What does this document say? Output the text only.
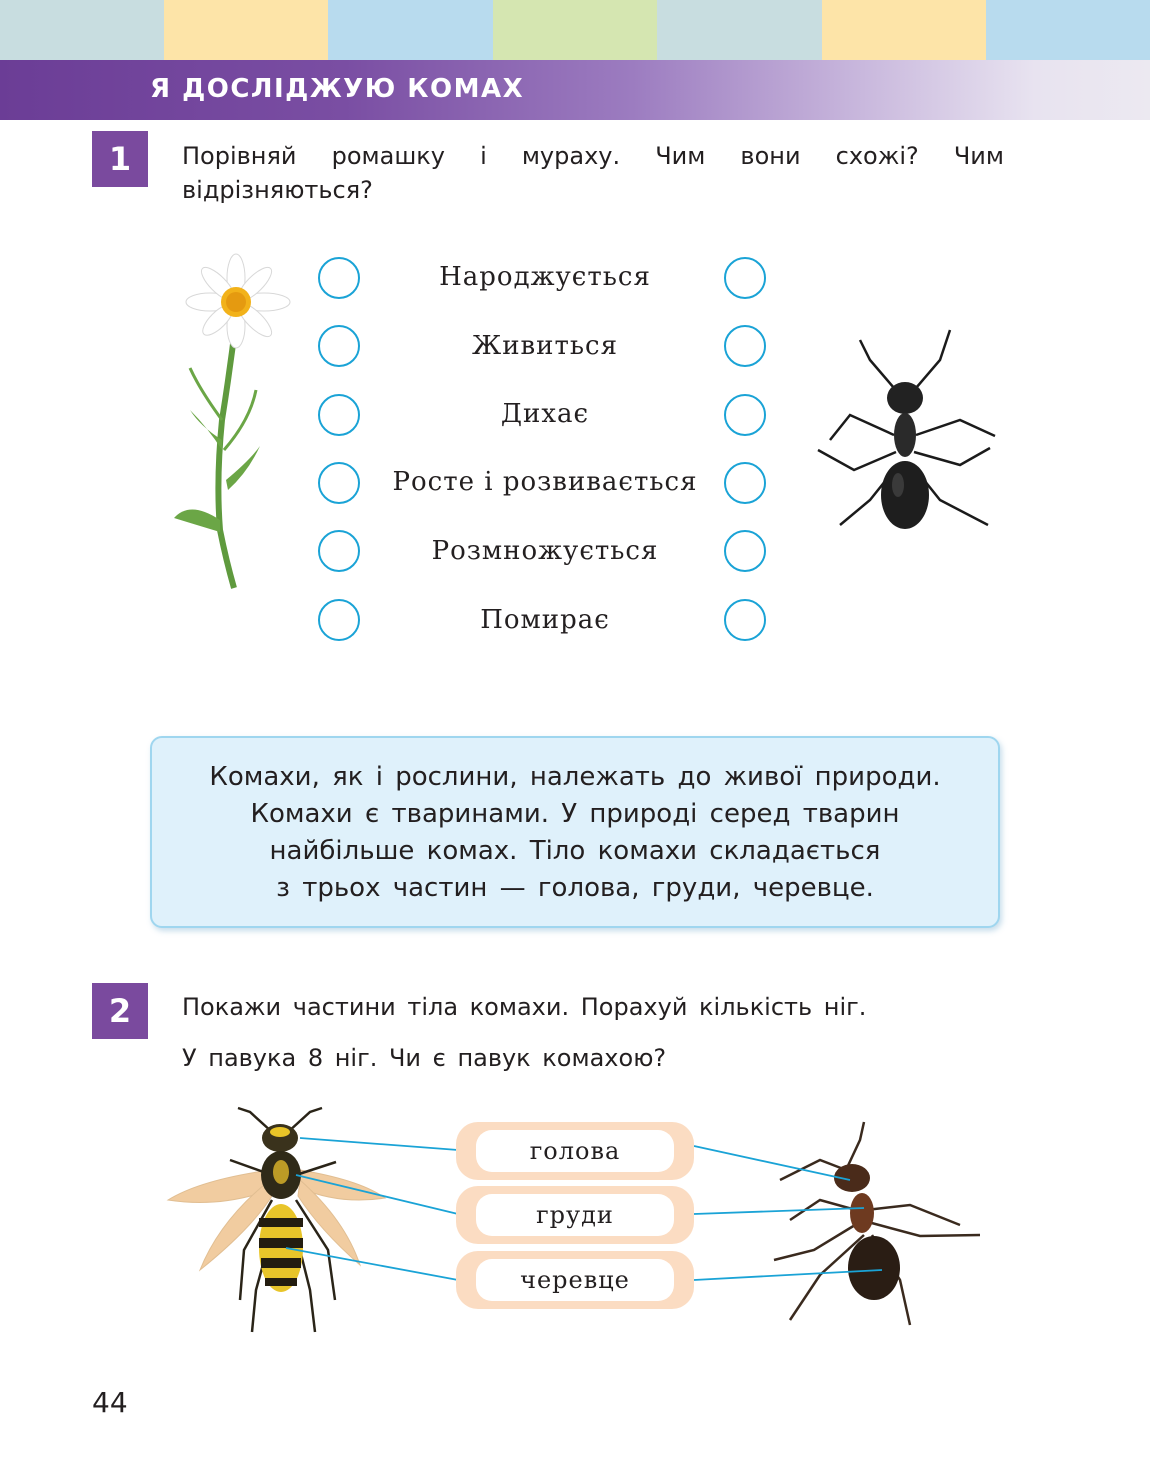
Я ДОСЛІДЖУЮ КОМАХ
1	Порівняй ромашку і мураху. Чим вони схожі? Чим відрізняються?
Народжується
Живиться
Дихає
Росте і розвивається
Розмножується
Помирає
Комахи, як і рослини, належать до живої природи.
Комахи є тваринами. У природі серед тварин
найбільше комах. Тіло комахи складається
з трьох частин — голова, груди, черевце.
2	Покажи частини тіла комахи. Порахуй кількість ніг.
У павука 8 ніг. Чи є павук комахою?
голова
груди
черевце
44
